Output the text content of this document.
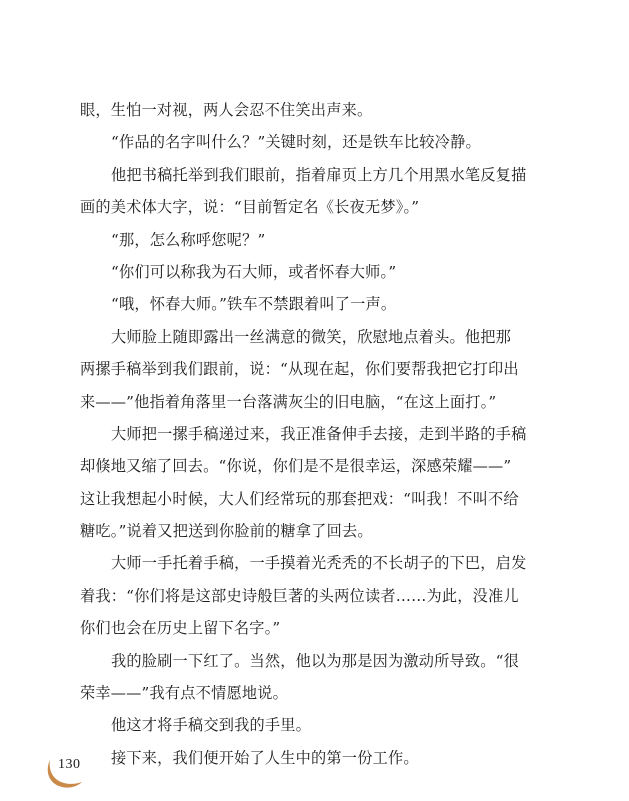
眼，生怕一对视，两人会忍不住笑出声来。
“作品的名字叫什么？”关键时刻，还是铁车比较冷静。
他把书稿托举到我们眼前，指着扉页上方几个用黑水笔反复描
画的美术体大字，说：“目前暂定名《长夜无梦》。”
“那，怎么称呼您呢？”
“你们可以称我为石大师，或者怀春大师。”
“哦，怀春大师。”铁车不禁跟着叫了一声。
大师脸上随即露出一丝满意的微笑，欣慰地点着头。他把那
两摞手稿举到我们跟前，说：“从现在起，你们要帮我把它打印出
来——”他指着角落里一台落满灰尘的旧电脑，“在这上面打。”
大师把一摞手稿递过来，我正准备伸手去接，走到半路的手稿
却倏地又缩了回去。“你说，你们是不是很幸运，深感荣耀——”
这让我想起小时候，大人们经常玩的那套把戏：“叫我！不叫不给
糖吃。”说着又把送到你脸前的糖拿了回去。
大师一手托着手稿，一手摸着光秃秃的不长胡子的下巴，启发
着我：“你们将是这部史诗般巨著的头两位读者……为此，没准儿
你们也会在历史上留下名字。”
我的脸刷一下红了。当然，他以为那是因为激动所导致。“很
荣幸——”我有点不情愿地说。
他这才将手稿交到我的手里。
接下来，我们便开始了人生中的第一份工作。
130
